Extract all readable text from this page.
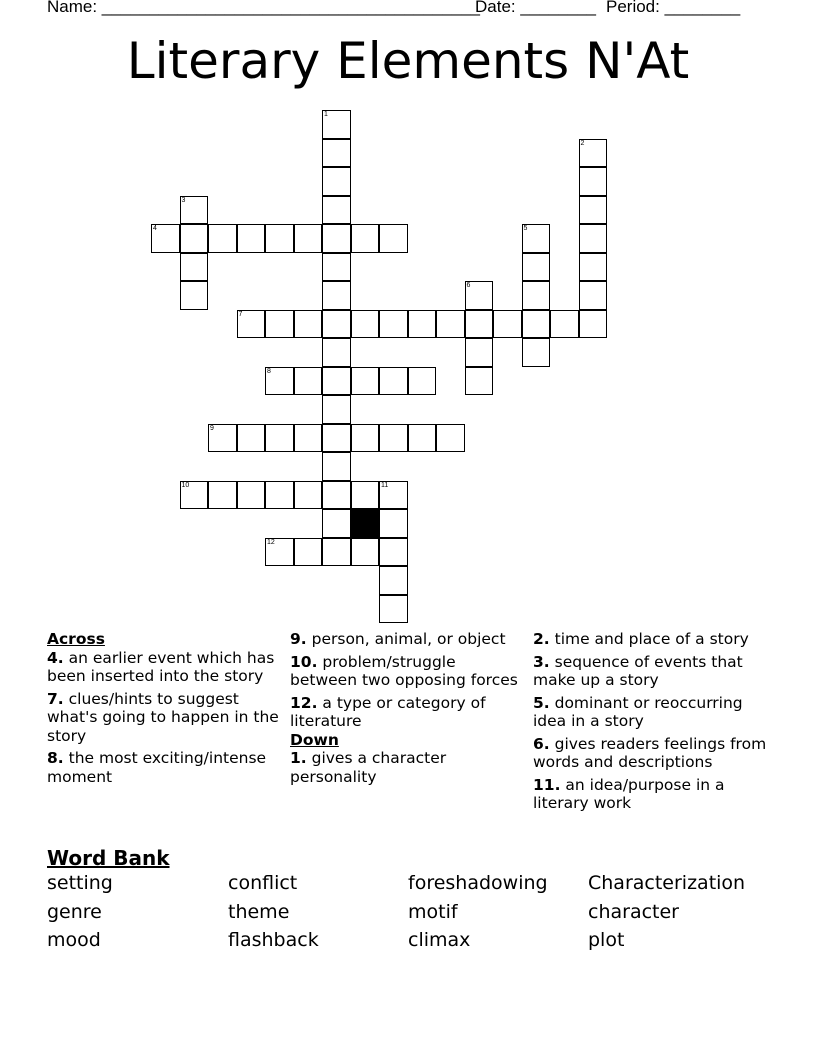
Name: ________________________________________
Date: ________ Period: ________
Literary Elements N'At
1
2
3
4	5
6
7
8
9
10	11
12
Across
4. an earlier event which has been inserted into the story
7. clues/hints to suggest what's going to happen in the story
8. the most exciting/intense moment
9. person, animal, or object
10. problem/struggle between two opposing forces
12. a type or category of literature
Down
1. gives a character personality
2. time and place of a story
3. sequence of events that make up a story
5. dominant or reoccurring idea in a story
6. gives readers feelings from words and descriptions
11. an idea/purpose in a literary work
Word Bank
setting	conflict	foreshadowing Characterization
genre	theme	motif	character
mood	flashback	climax	plot
